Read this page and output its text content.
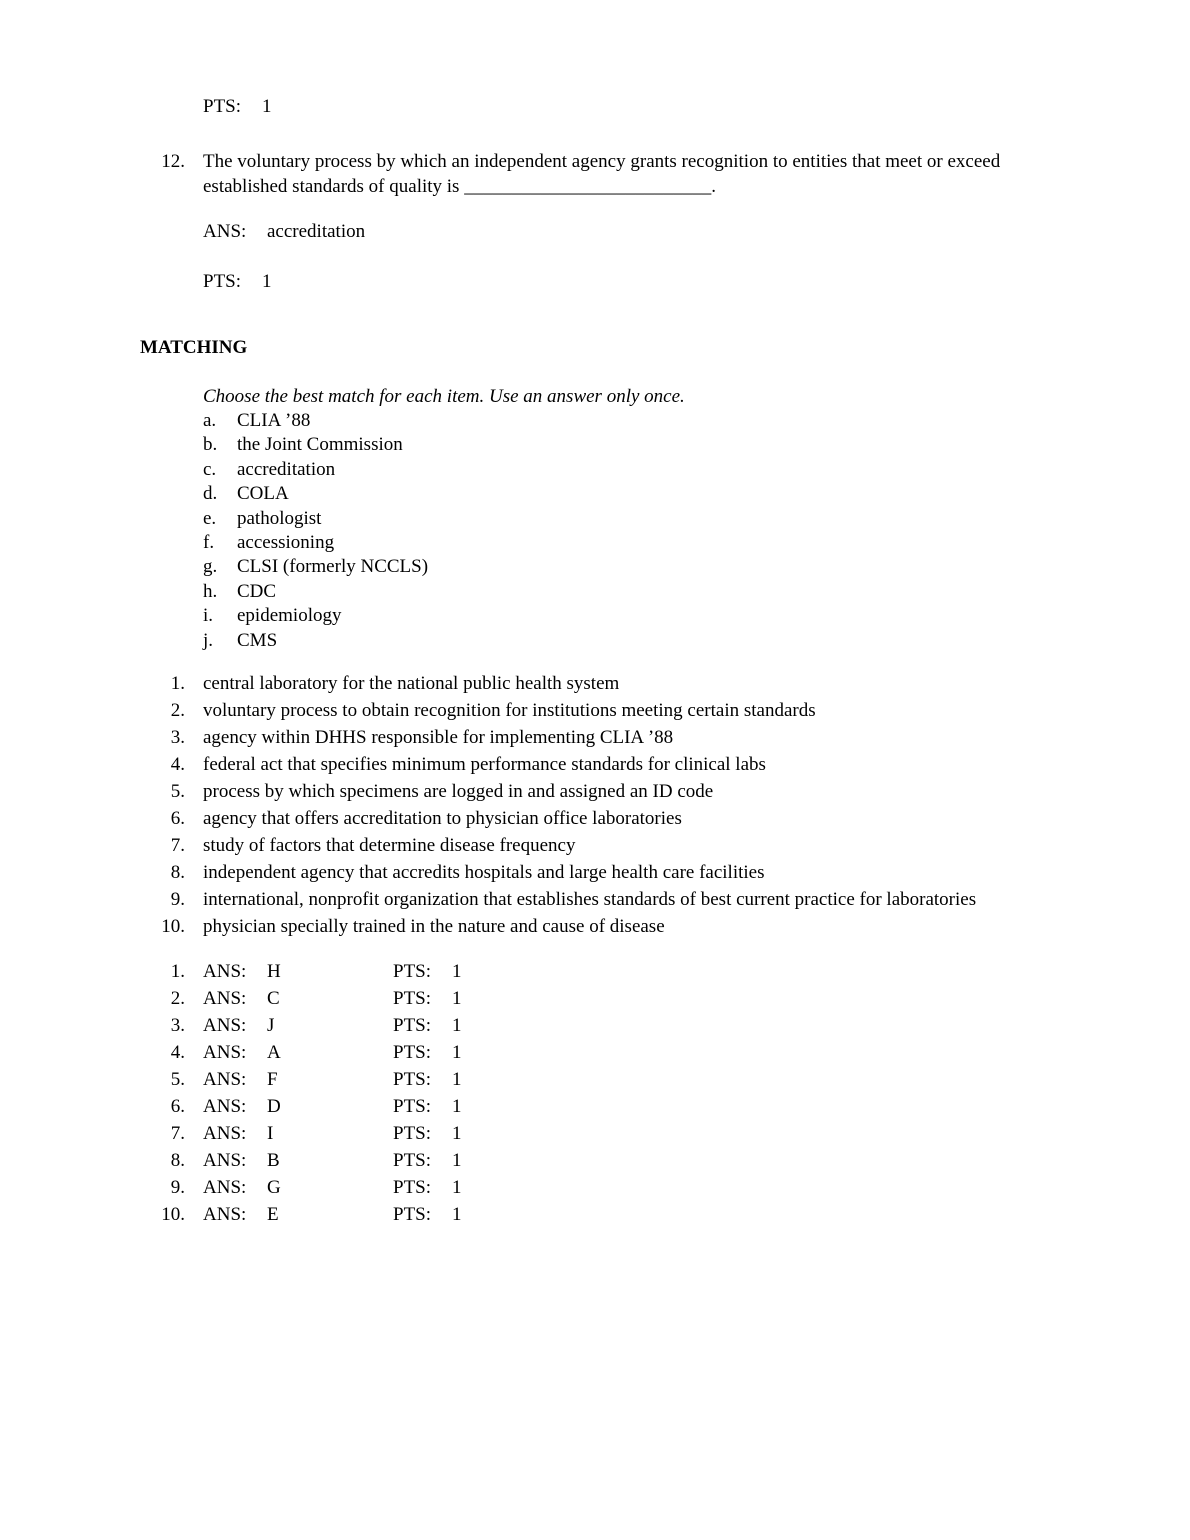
PTS: 1
12. The voluntary process by which an independent agency grants recognition to entities that meet or exceed established standards of quality is __________________________.
ANS: accreditation
PTS: 1
MATCHING
Choose the best match for each item. Use an answer only once.
a. CLIA ’88
b. the Joint Commission
c. accreditation
d. COLA
e. pathologist
f. accessioning
g. CLSI (formerly NCCLS)
h. CDC
i. epidemiology
j. CMS
1. central laboratory for the national public health system
2. voluntary process to obtain recognition for institutions meeting certain standards
3. agency within DHHS responsible for implementing CLIA ’88
4. federal act that specifies minimum performance standards for clinical labs
5. process by which specimens are logged in and assigned an ID code
6. agency that offers accreditation to physician office laboratories
7. study of factors that determine disease frequency
8. independent agency that accredits hospitals and large health care facilities
9. international, nonprofit organization that establishes standards of best current practice for laboratories
10. physician specially trained in the nature and cause of disease
1. ANS: H	PTS: 1
2. ANS: C	PTS: 1
3. ANS: J	PTS: 1
4. ANS: A	PTS: 1
5. ANS: F	PTS: 1
6. ANS: D	PTS: 1
7. ANS: I	PTS: 1
8. ANS: B	PTS: 1
9. ANS: G	PTS: 1
10. ANS: E	PTS: 1
